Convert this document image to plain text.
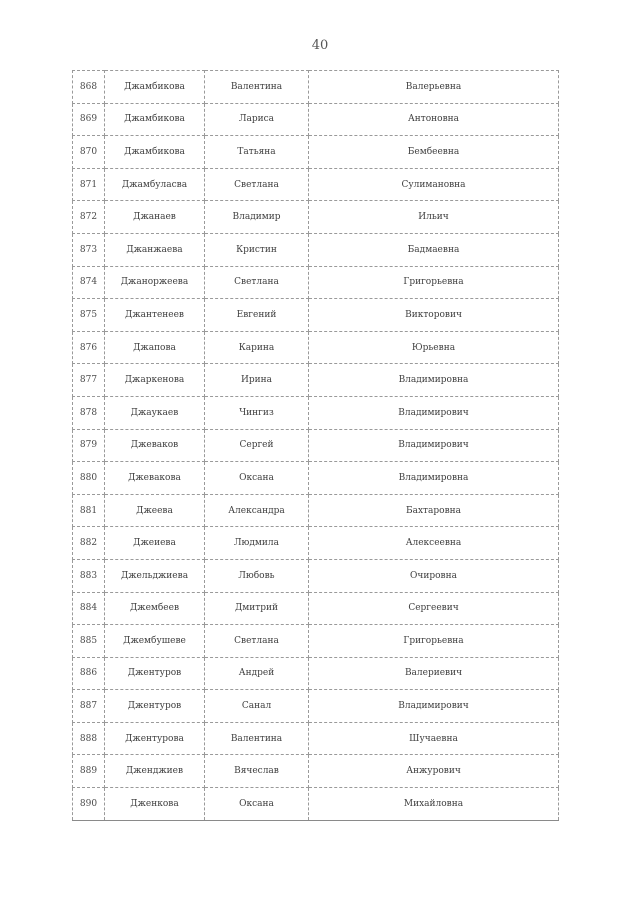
40
868	Джамбикова	Валентина	Валерьевна
869	Джамбикова	Лариса	Антоновна
870	Джамбикова	Татьяна	Бембеевна
871	Джамбуласва	Светлана	Сулимановна
872	Джанаев	Владимир	Ильич
873	Джанжаева	Кристин	Бадмаевна
874	Джаноржеева	Светлана	Григорьевна
875	Джантенеев	Евгений	Викторович
876	Джапова	Карина	Юрьевна
877	Джаркенова	Ирина	Владимировна
878	Джаукаев	Чингиз	Владимирович
879	Джеваков	Сергей	Владимирович
880	Джевакова	Оксана	Владимировна
881	Джеева	Александра	Бахтаровна
882	Джеиева	Людмила	Алексеевна
883	Джельджиева	Любовь	Очировна
884	Джембеев	Дмитрий	Сергеевич
885	Джембушеве	Светлана	Григорьевна
886	Джентуров	Андрей	Валериевич
887	Джентуров	Санал	Владимирович
888	Джентурова	Валентина	Шучаевна
889	Дженджиев	Вячеслав	Анжурович
890	Дженкова	Оксана	Михайловна
